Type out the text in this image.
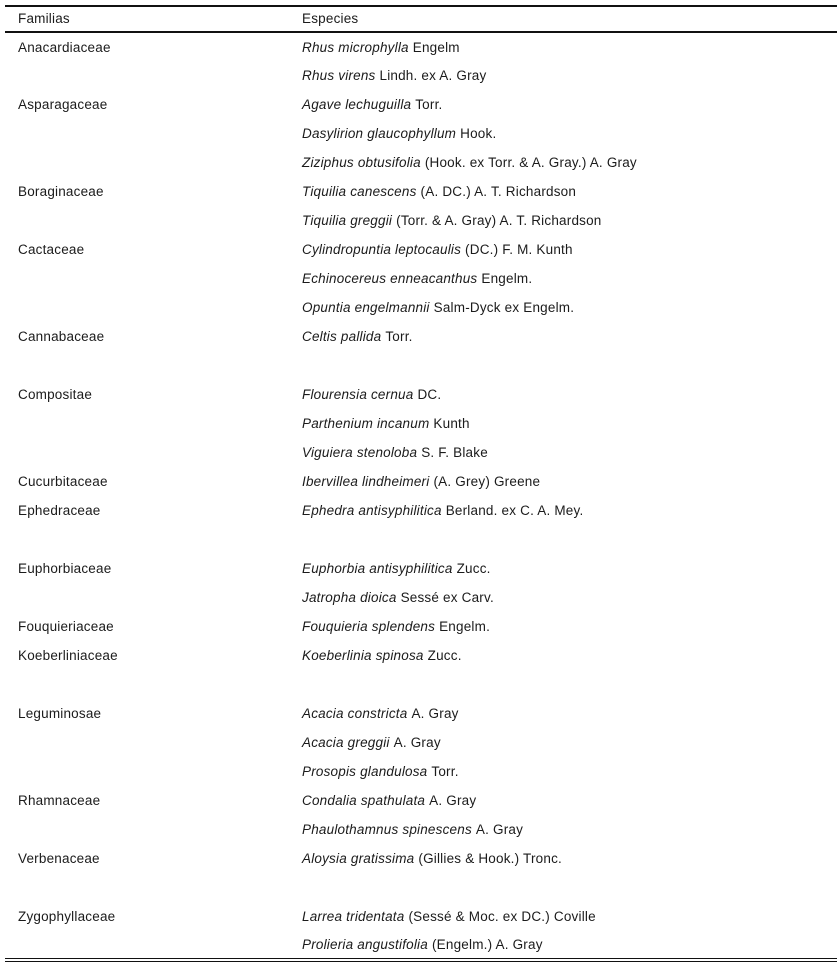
Familias	Especies
Anacardiaceae	Rhus microphylla Engelm
	Rhus virens Lindh. ex A. Gray
Asparagaceae	Agave lechuguilla Torr.
	Dasylirion glaucophyllum Hook.
	Ziziphus obtusifolia (Hook. ex Torr. & A. Gray.) A. Gray
Boraginaceae	Tiquilia canescens (A. DC.) A. T. Richardson
	Tiquilia greggii (Torr. & A. Gray) A. T. Richardson
Cactaceae	Cylindropuntia leptocaulis (DC.) F. M. Kunth
	Echinocereus enneacanthus Engelm.
	Opuntia engelmannii Salm-Dyck ex Engelm.
Cannabaceae	Celtis pallida Torr.

Compositae	Flourensia cernua DC.
	Parthenium incanum Kunth
	Viguiera stenoloba S. F. Blake
Cucurbitaceae	Ibervillea lindheimeri (A. Grey) Greene
Ephedraceae	Ephedra antisyphilitica Berland. ex C. A. Mey.

Euphorbiaceae	Euphorbia antisyphilitica Zucc.
	Jatropha dioica Sessé ex Carv.
Fouquieriaceae	Fouquieria splendens Engelm.
Koeberliniaceae	Koeberlinia spinosa Zucc.

Leguminosae	Acacia constricta A. Gray
	Acacia greggii A. Gray
	Prosopis glandulosa Torr.
Rhamnaceae	Condalia spathulata A. Gray
	Phaulothamnus spinescens A. Gray
Verbenaceae	Aloysia gratissima (Gillies & Hook.) Tronc.

Zygophyllaceae	Larrea tridentata (Sessé & Moc. ex DC.) Coville
	Prolieria angustifolia (Engelm.) A. Gray
